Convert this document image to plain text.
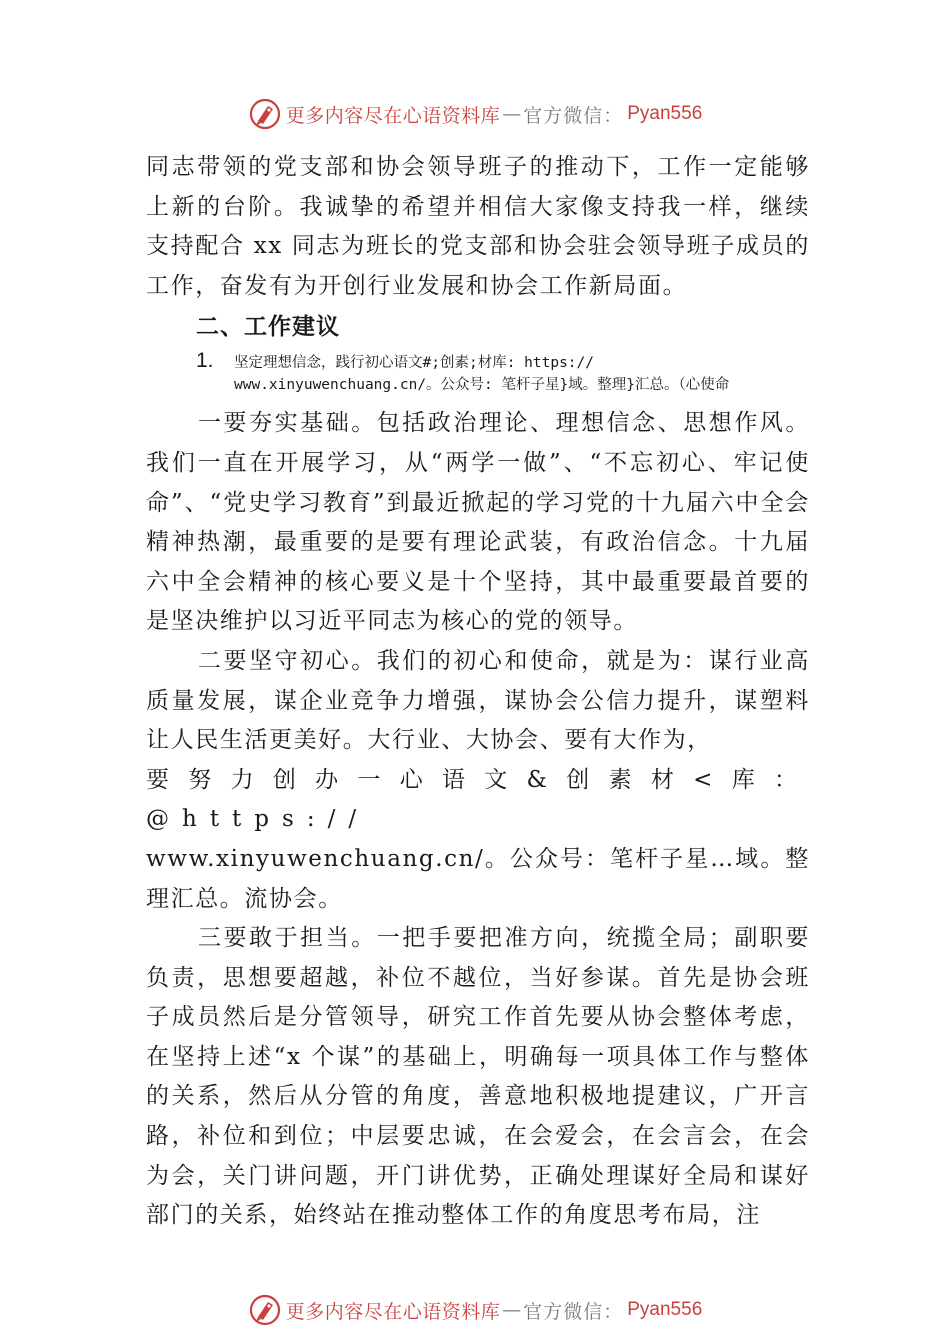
更多内容尽在心语资料库 — 官方微信： Pyan556

同志带领的党支部和协会领导班子的推动下，工作一定能够上新的台阶。我诚挚的希望并相信大家像支持我一样，继续支持配合 xx 同志为班长的党支部和协会驻会领导班子成员的工作，奋发有为开创行业发展和协会工作新局面。

二、工作建议
1. 坚定理想信念，践行初心语文#;创素;材库: https://
www.xinyuwenchuang.cn/。公众号: 笔杆子星}域。整理}汇总。（心使命

一要夯实基础。包括政治理论、理想信念、思想作风。我们一直在开展学习，从“两学一做”、“不忘初心、牢记使命”、“党史学习教育”到最近掀起的学习党的十九届六中全会精神热潮，最重要的是要有理论武装，有政治信念。十九届六中全会精神的核心要义是十个坚持，其中最重要最首要的是坚决维护以习近平同志为核心的党的领导。

二要坚守初心。我们的初心和使命，就是为：谋行业高质量发展，谋企业竞争力增强，谋协会公信力提升，谋塑料让人民生活更美好。大行业、大协会、要有大作为，
要努力创办一心语文&创素材<库：@https://
www.xinyuwenchuang.cn/。公众号：笔杆子星…域。整理汇总。流协会。

三要敢于担当。一把手要把准方向，统揽全局；副职要负责，思想要超越，补位不越位，当好参谋。首先是协会班子成员然后是分管领导，研究工作首先要从协会整体考虑，在坚持上述“x 个谋”的基础上，明确每一项具体工作与整体的关系，然后从分管的角度，善意地积极地提建议，广开言路，补位和到位；中层要忠诚，在会爱会，在会言会，在会为会，关门讲问题，开门讲优势，正确处理谋好全局和谋好部门的关系，始终站在推动整体工作的角度思考布局，注

更多内容尽在心语资料库 — 官方微信： Pyan556
